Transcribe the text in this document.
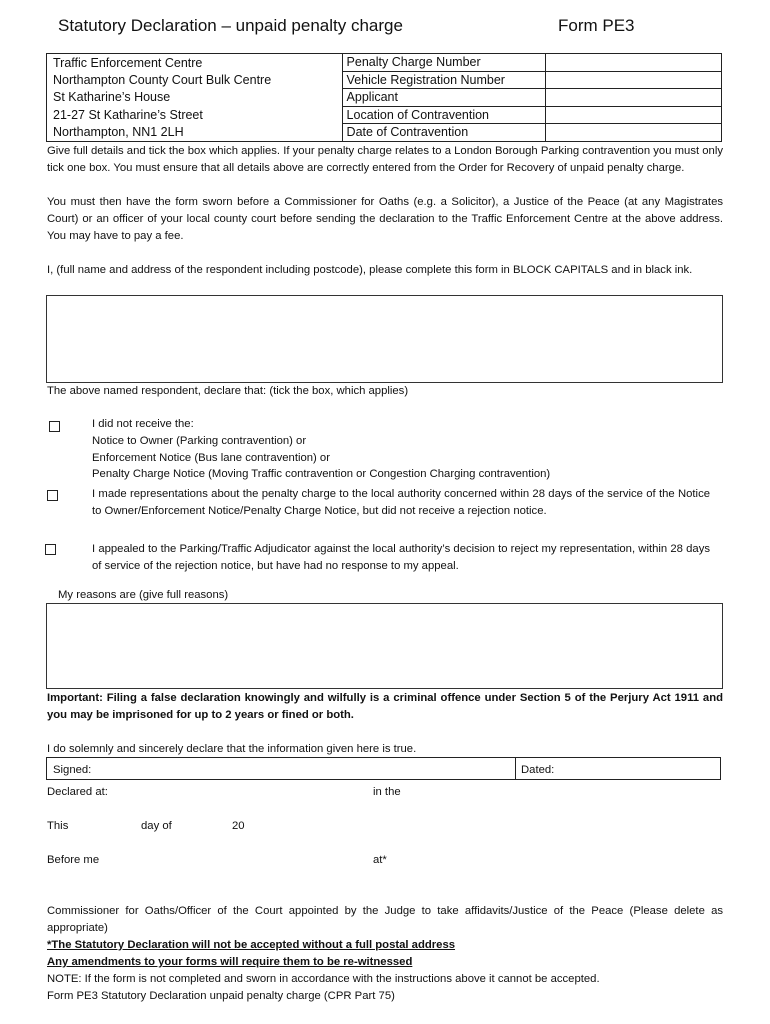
Statutory Declaration – unpaid penalty charge	Form PE3
Traffic Enforcement Centre
Northampton County Court Bulk Centre
St Katharine’s House
21-27 St Katharine’s Street
Northampton, NN1 2LH	Penalty Charge Number	
	Vehicle Registration Number	
	Applicant	
	Location of Contravention	
	Date of Contravention	
Give full details and tick the box which applies. If your penalty charge relates to a London Borough Parking contravention you must only tick one box. You must ensure that all details above are correctly entered from the Order for Recovery of unpaid penalty charge.
You must then have the form sworn before a Commissioner for Oaths (e.g. a Solicitor), a Justice of the Peace (at any Magistrates Court) or an officer of your local county court before sending the declaration to the Traffic Enforcement Centre at the above address. You may have to pay a fee.
I, (full name and address of the respondent including postcode), please complete this form in BLOCK CAPITALS and in black ink.
The above named respondent, declare that: (tick the box, which applies)
I did not receive the:
Notice to Owner (Parking contravention) or
Enforcement Notice (Bus lane contravention) or
Penalty Charge Notice (Moving Traffic contravention or Congestion Charging contravention)
I made representations about the penalty charge to the local authority concerned within 28 days of the service of the Notice to Owner/Enforcement Notice/Penalty Charge Notice, but did not receive a rejection notice.
I appealed to the Parking/Traffic Adjudicator against the local authority’s decision to reject my representation, within 28 days of service of the rejection notice, but have had no response to my appeal.
My reasons are (give full reasons)
Important: Filing a false declaration knowingly and wilfully is a criminal offence under Section 5 of the Perjury Act 1911 and you may be imprisoned for up to 2 years or fined or both.
I do solemnly and sincerely declare that the information given here is true.
Signed:	Dated:
Declared at:	in the
This	day of	20
Before me	at*
Commissioner for Oaths/Officer of the Court appointed by the Judge to take affidavits/Justice of the Peace (Please delete as appropriate)
*The Statutory Declaration will not be accepted without a full postal address
Any amendments to your forms will require them to be re-witnessed
NOTE: If the form is not completed and sworn in accordance with the instructions above it cannot be accepted.
Form PE3 Statutory Declaration unpaid penalty charge (CPR Part 75)
